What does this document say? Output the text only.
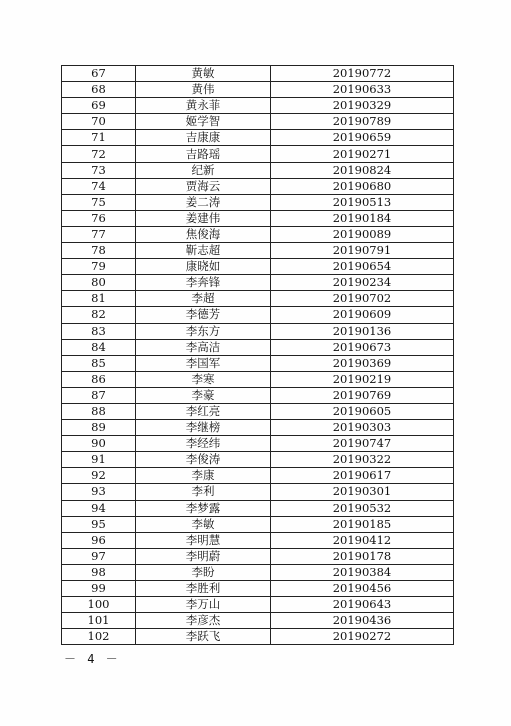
67	黄敏	20190772
68	黄伟	20190633
69	黄永菲	20190329
70	姬学智	20190789
71	吉康康	20190659
72	吉路瑶	20190271
73	纪新	20190824
74	贾海云	20190680
75	姜二涛	20190513
76	姜建伟	20190184
77	焦俊海	20190089
78	靳志超	20190791
79	康晓如	20190654
80	李奔锋	20190234
81	李超	20190702
82	李德芳	20190609
83	李东方	20190136
84	李高洁	20190673
85	李国军	20190369
86	李寒	20190219
87	李豪	20190769
88	李红亮	20190605
89	李继榜	20190303
90	李经纬	20190747
91	李俊涛	20190322
92	李康	20190617
93	李利	20190301
94	李梦露	20190532
95	李敏	20190185
96	李明慧	20190412
97	李明蔚	20190178
98	李盼	20190384
99	李胜利	20190456
100	李万山	20190643
101	李彦杰	20190436
102	李跃飞	20190272
－ 4 －
